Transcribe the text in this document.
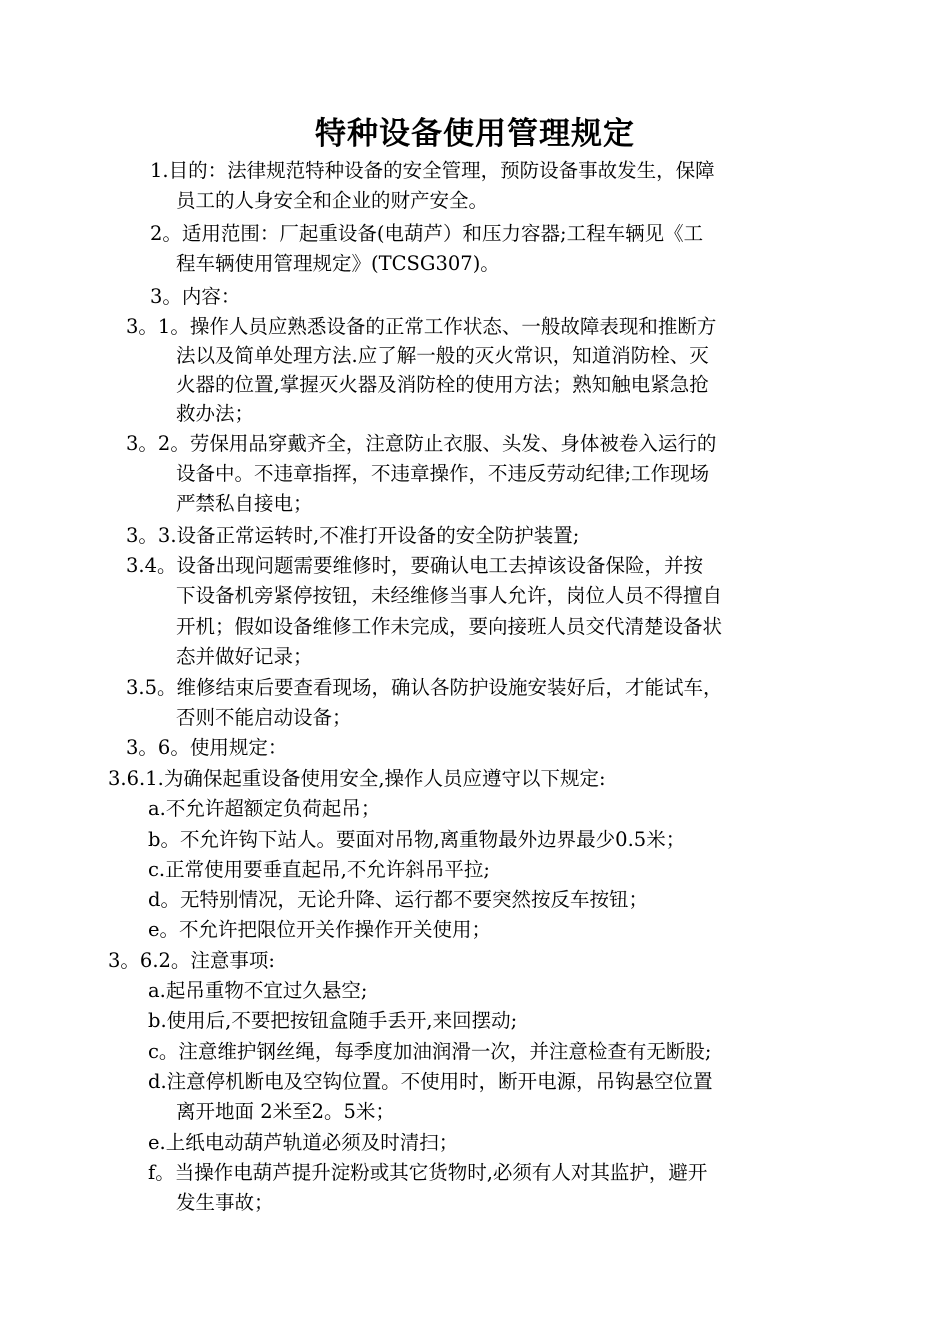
特种设备使用管理规定
1.目的：法律规范特种设备的安全管理，预防设备事故发生，保障
员工的人身安全和企业的财产安全。
2。适用范围：厂起重设备(电葫芦）和压力容器;工程车辆见《工
程车辆使用管理规定》(TCSG307)。
3。内容：
3。1。操作人员应熟悉设备的正常工作状态、一般故障表现和推断方
法以及简单处理方法.应了解一般的灭火常识，知道消防栓、灭
火器的位置,掌握灭火器及消防栓的使用方法；熟知触电紧急抢
救办法；
3。2。劳保用品穿戴齐全，注意防止衣服、头发、身体被卷入运行的
设备中。不违章指挥，不违章操作，不违反劳动纪律;工作现场
严禁私自接电；
3。3.设备正常运转时,不准打开设备的安全防护装置;
3.4。设备出现问题需要维修时，要确认电工去掉该设备保险，并按
下设备机旁紧停按钮，未经维修当事人允许，岗位人员不得擅自
开机；假如设备维修工作未完成，要向接班人员交代清楚设备状
态并做好记录；
3.5。维修结束后要查看现场，确认各防护设施安装好后，才能试车，
否则不能启动设备；
3。6。使用规定：
3.6.1.为确保起重设备使用安全,操作人员应遵守以下规定:
a.不允许超额定负荷起吊；
b。不允许钩下站人。要面对吊物,离重物最外边界最少0.5米；
c.正常使用要垂直起吊,不允许斜吊平拉;
d。无特别情况，无论升降、运行都不要突然按反车按钮；
e。不允许把限位开关作操作开关使用；
3。6.2。注意事项:
a.起吊重物不宜过久悬空;
b.使用后,不要把按钮盒随手丢开,来回摆动;
c。注意维护钢丝绳，每季度加油润滑一次，并注意检查有无断股;
d.注意停机断电及空钩位置。不使用时，断开电源，吊钩悬空位置
离开地面 2米至2。5米；
e.上纸电动葫芦轨道必须及时清扫；
f。当操作电葫芦提升淀粉或其它货物时,必须有人对其监护，避开
发生事故；
